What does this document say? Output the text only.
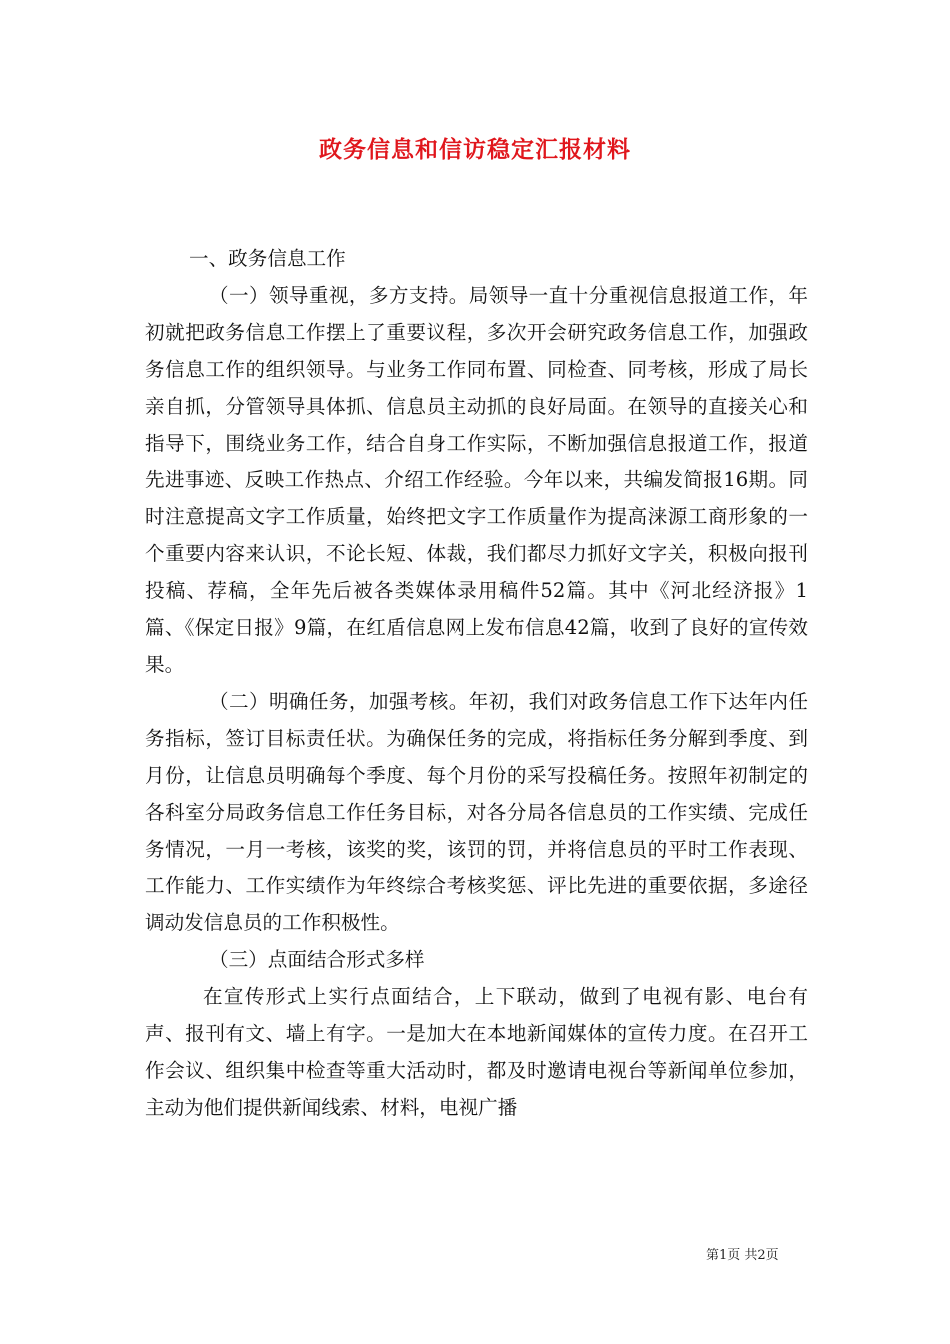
政务信息和信访稳定汇报材料

一、政务信息工作

（一）领导重视，多方支持。局领导一直十分重视信息报道工作，年初就把政务信息工作摆上了重要议程，多次开会研究政务信息工作，加强政务信息工作的组织领导。与业务工作同布置、同检查、同考核，形成了局长亲自抓，分管领导具体抓、信息员主动抓的良好局面。在领导的直接关心和指导下，围绕业务工作，结合自身工作实际，不断加强信息报道工作，报道先进事迹、反映工作热点、介绍工作经验。今年以来，共编发简报16期。同时注意提高文字工作质量，始终把文字工作质量作为提高涞源工商形象的一个重要内容来认识，不论长短、体裁，我们都尽力抓好文字关，积极向报刊投稿、荐稿，全年先后被各类媒体录用稿件52篇。其中《河北经济报》1篇、《保定日报》9篇，在红盾信息网上发布信息42篇，收到了良好的宣传效果。

（二）明确任务，加强考核。年初，我们对政务信息工作下达年内任务指标，签订目标责任状。为确保任务的完成，将指标任务分解到季度、到月份，让信息员明确每个季度、每个月份的采写投稿任务。按照年初制定的各科室分局政务信息工作任务目标，对各分局各信息员的工作实绩、完成任务情况，一月一考核，该奖的奖，该罚的罚，并将信息员的平时工作表现、工作能力、工作实绩作为年终综合考核奖惩、评比先进的重要依据，多途径调动发信息员的工作积极性。

（三）点面结合形式多样

在宣传形式上实行点面结合，上下联动，做到了电视有影、电台有声、报刊有文、墙上有字。一是加大在本地新闻媒体的宣传力度。在召开工作会议、组织集中检查等重大活动时，都及时邀请电视台等新闻单位参加，主动为他们提供新闻线索、材料，电视广播

第1页 共2页
